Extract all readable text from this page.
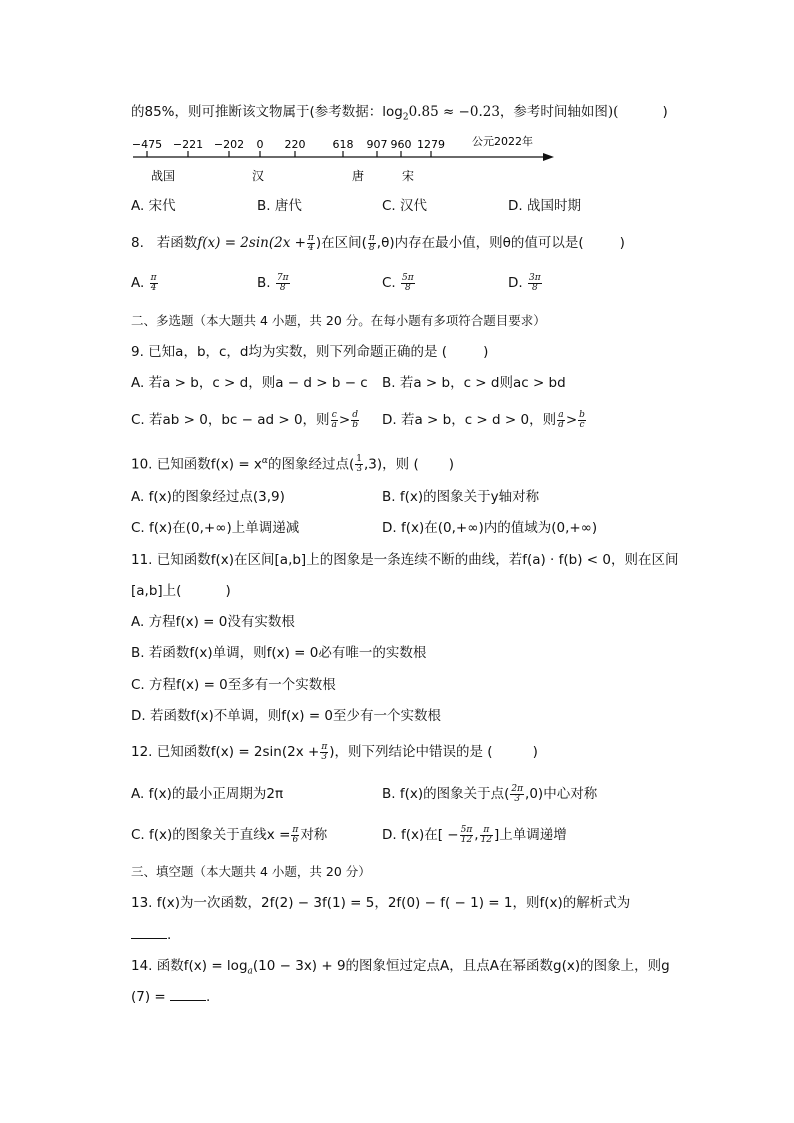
的85%，则可推断该文物属于(参考数据：$\log_20.85 \approx -0.23$，参考时间轴如图)(	)
−475 −221 −202 0 220 618 907 960 1279 公元2022年
战国	汉	唐	宋
A. 宋代	B. 唐代	C. 汉代	D. 战国时期
8. 若函数$f(x) = 2\sin(2x + \frac{\pi}{4}$ )在区间( $\frac{\pi}{8} ,\theta$)内存在最小值，则θ的值可以是(	)
A. $\frac{\pi}{4}$	B. $\frac{7\pi}{8}$	C. $\frac{5\pi}{8}$	D. $\frac{3\pi}{8}$
二、多选题（本大题共 4 小题，共 20 分。在每小题有多项符合题目要求）
9. 已知a，b，c，d均为实数，则下列命题正确的是 (	)
A. 若a > b，c > d，则a − d > b − c B. 若a > b，c > d则ac > bd
C. 若ab > 0，bc − ad > 0，则 $\frac{c}{a} > \frac{d}{b} D$. 若a > b，c > d > 0，则 $\frac{a}{d} > \frac{b}{c}$
10. 已知函数$f(x) = x^\alpha$的图象经过点( $\frac{1}{3} ,3$)，则 ( )
A. f(x)的图象经过点(3,9)	B. f(x)的图象关于y轴对称
C. f(x)在(0,+∞)上单调递减	D. f(x)在(0,+∞)内的值域为(0,+∞)
11. 已知函数f(x)在区间[a,b]上的图象是一条连续不断的曲线，若f(a) · f(b) < 0，则在区间
[a,b]上(	)
A. 方程f(x) = 0没有实数根
B. 若函数f(x)单调，则f(x) = 0必有唯一的实数根
C. 方程f(x) = 0至多有一个实数根
D. 若函数f(x)不单调，则f(x) = 0至少有一个实数根
12. 已知函数$f(x) = 2\sin(2x + \frac{\pi}{3}$ )，则下列结论中错误的是 (	)
A. f(x)的最小正周期为2π	B. f(x)的图象关于点( $\frac{2\pi}{3} ,0$)中心对称
C. f(x)的图象关于直线$x = \frac{\pi}{6}$ 对称	D. f(x)在[ − $\frac{5\pi}{12}$ , $\frac{\pi}{12}$ ]上单调递增
三、填空题（本大题共 4 小题，共 20 分）
13. f(x)为一次函数，2f(2) − 3f(1) = 5，2f(0) − f( − 1) = 1，则f(x)的解析式为
.
14. 函数$f(x) = \log_a(10 - 3x) + 9$的图象恒过定点A，且点A在幂函数g(x)的图象上，则g
(7) =	.
